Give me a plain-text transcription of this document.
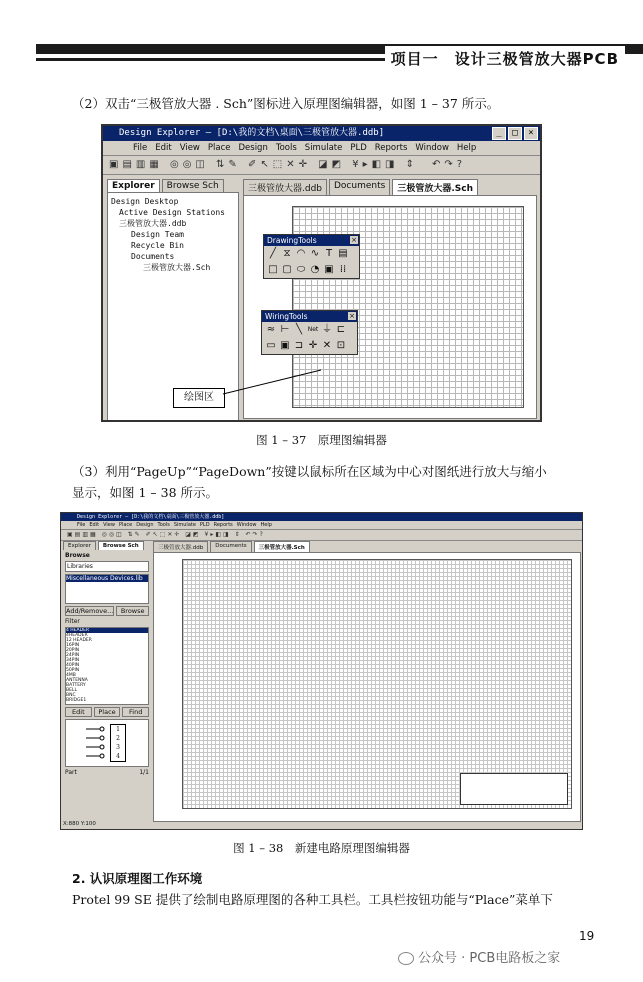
项目一　设计三极管放大器PCB
（2）双击“三极管放大器 . Sch”图标进入原理图编辑器，如图 1 – 37 所示。
Design Explorer – [D:\我的文档\桌面\三极管放大器.ddb]	_	□	×
File Edit View Place Design Tools Simulate PLD Reports Window Help
▣▤▥▦ ◎◎◫ ⇅✎ ✐↖⬚✕✛ ◪◩ ¥▸◧◨ ⇕　↶↷?
Explorer	Browse Sch
Design Desktop
Active Design Stations
三极管放大器.ddb
Design Team
Recycle Bin
Documents
三极管放大器.Sch
三极管放大器.ddb	Documents	三极管放大器.Sch
DrawingTools	×
╱ ⧖ ◠ ∿ T ▤
□ ▢ ⬭ ◔ ▣ ⁞⁞
WiringTools	×
≈ ⊢ ╲ Net ⏚ ⊏
▭ ▣ ⊐ ✛ ✕ ⊡
绘图区
图 1 – 37　原理图编辑器
（3）利用“PageUp”“PageDown”按键以鼠标所在区域为中心对图纸进行放大与缩小
显示，如图 1 – 38 所示。
Design Explorer – [D:\我的文档\桌面\三极管放大器.ddb]
File Edit View Place Design Tools Simulate PLD Reports Window Help
▣▤▥▦ ◎◎◫ ⇅✎ ✐↖⬚✕✛ ◪◩ ¥▸◧◨ ⇕ ↶↷?
Explorer	Browse Sch
Browse
Libraries
Miscellaneous Devices.lib
Add/Remove...	Browse
Filter
4 HEADER
4HEADER
12 HEADER
16PIN
20PIN
24PIN
34PIN
40PIN
50PIN
4MB
ANTENNA
BATTERY
BELL
BNC
BRIDGE1
Edit	Place	Find
1
2
3
4
Part	1/1
三极管放大器.ddb	Documents	三极管放大器.Sch
X:880 Y:100
图 1 – 38　新建电路原理图编辑器
2. 认识原理图工作环境
Protel 99 SE 提供了绘制电路原理图的各种工具栏。工具栏按钮功能与“Place”菜单下
19
公众号 · PCB电路板之家
